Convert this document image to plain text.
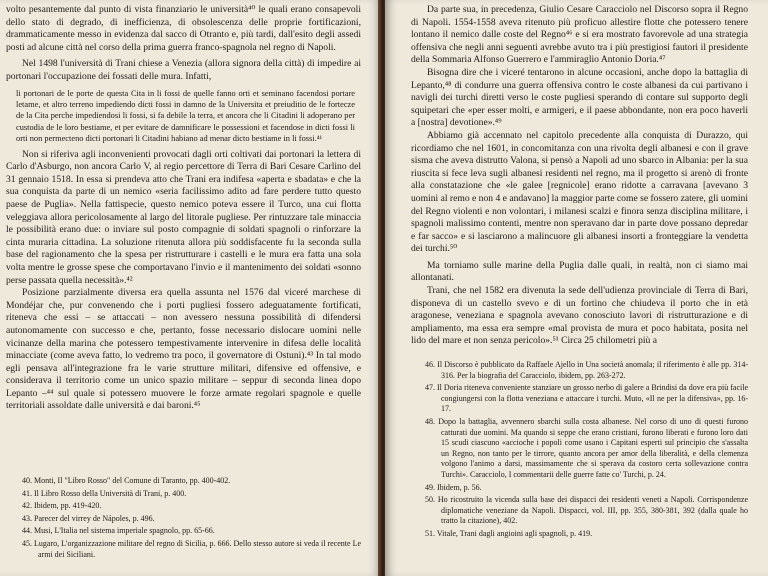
volto pesantemente dal punto di vista finanziario le università⁴⁰ le quali erano consapevoli dello stato di degrado, di inefficienza, di obsolescenza delle proprie fortificazioni, drammaticamente messo in evidenza dal sacco di Otranto e, più tardi, dall'esito degli assedi posti ad alcune città nel corso della prima guerra franco-spagnola nel regno di Napoli.

Nel 1498 l'università di Trani chiese a Venezia (allora signora della città) di impedire ai portonari l'occupazione dei fossati delle mura. Infatti,

li portonari de le porte de questa Cita in li fossi de quelle fanno orti et seminano facendosi portare letame, et altro terreno impediendo dicti fossi in damno de la Universita et preiuditio de le fortecze de la Cita perche impediendosi li fossi, si fa debile la terra, et ancora che li Citadini li adoperano per custodia de le loro bestiame, et per evitare de damnificare le possessioni et facendose in dicti fossi li orti non permecteno dicti portonari li Citadini habiano ad menar dicto bestiame in li fossi.⁴¹

Non si riferiva agli inconvenienti provocati dagli orti coltivati dai portonari la lettera di Carlo d'Asburgo, non ancora Carlo V, al regio percettore di Terra di Bari Cesare Carlino del 31 gennaio 1518. In essa si prendeva atto che Trani era indifesa «aperta e sbadata» e che la sua conquista da parte di un nemico «seria facilissimo adito ad fare perdere tutto questo paese de Puglia». Nella fattispecie, questo nemico poteva essere il Turco, una cui flotta veleggiava allora pericolosamente al largo del litorale pugliese. Per rintuzzare tale minaccia le possibilità erano due: o inviare sul posto compagnie di soldati spagnoli o rinforzare la cinta muraria cittadina. La soluzione ritenuta allora più soddisfacente fu la seconda sulla base del ragionamento che la spesa per ristrutturare i castelli e le mura era fatta una sola volta mentre le grosse spese che comportavano l'invio e il mantenimento dei soldati «sonno perse passata quella necessità».⁴²

Posizione parzialmente diversa era quella assunta nel 1576 dal viceré marchese di Mondéjar che, pur convenendo che i porti pugliesi fossero adeguatamente fortificati, riteneva che essi – se attaccati – non avessero nessuna possibilità di difendersi autonomamente con successo e che, pertanto, fosse necessario dislocare uomini nelle vicinanze della marina che potessero tempestivamente intervenire in difesa delle località minacciate (come aveva fatto, lo vedremo tra poco, il governatore di Ostuni).⁴³ In tal modo egli pensava all'integrazione fra le varie strutture militari, difensive ed offensive, e considerava il territorio come un unico spazio militare – seppur di seconda linea dopo Lepanto –⁴⁴ sul quale si potessero muovere le forze armate regolari spagnole e quelle territoriali assoldate dalle università e dai baroni.⁴⁵

40. Monti, Il "Libro Rosso" del Comune di Taranto, pp. 400-402.

41. Il Libro Rosso della Università di Trani, p. 400.

42. Ibidem, pp. 419-420.

43. Parecer del virrey de Nápoles, p. 496.

44. Musi, L'Italia nel sistema imperiale spagnolo, pp. 65-66.

45. Lugaro, L'organizzazione militare del regno di Sicilia, p. 666. Dello stesso autore si veda il recente Le armi dei Siciliani.

Da parte sua, in precedenza, Giulio Cesare Caracciolo nel Discorso sopra il Regno di Napoli. 1554-1558 aveva ritenuto più proficuo allestire flotte che potessero tenere lontano il nemico dalle coste del Regno⁴⁶ e si era mostrato favorevole ad una strategia offensiva che negli anni seguenti avrebbe avuto tra i più prestigiosi fautori il presidente della Sommaria Alfonso Guerrero e l'ammiraglio Antonio Doria.⁴⁷

Bisogna dire che i viceré tentarono in alcune occasioni, anche dopo la battaglia di Lepanto,⁴⁸ di condurre una guerra offensiva contro le coste albanesi da cui partivano i navigli dei turchi diretti verso le coste pugliesi sperando di contare sul supporto degli squipetari che «per esser molti, e armigeri, e il paese abbondante, non era poco haverli a [nostra] devotione».⁴⁹

Abbiamo già accennato nel capitolo precedente alla conquista di Durazzo, qui ricordiamo che nel 1601, in concomitanza con una rivolta degli albanesi e con il grave sisma che aveva distrutto Valona, si pensò a Napoli ad uno sbarco in Albania: per la sua riuscita si fece leva sugli albanesi residenti nel regno, ma il progetto si arenò di fronte alla constatazione che «le galee [regnicole] erano ridotte a carravana [avevano 3 uomini al remo e non 4 e andavano] la maggior parte come se fossero zatere, gli uomini del Regno violenti e non volontari, i milanesi scalzi e finora senza disciplina militare, i spagnoli malissimo contenti, mentre non speravano dar in parte dove possano depredar e far sacco» e si lasciarono a malincuore gli albanesi insorti a fronteggiare la vendetta dei turchi.⁵⁰

Ma torniamo sulle marine della Puglia dalle quali, in realtà, non ci siamo mai allontanati.

Trani, che nel 1582 era divenuta la sede dell'udienza provinciale di Terra di Bari, disponeva di un castello svevo e di un fortino che chiudeva il porto che in età aragonese, veneziana e spagnola avevano conosciuto lavori di ristrutturazione e di ampliamento, ma essa era sempre «mal provista de mura et poco habitata, posita nel lido del mare et non senza pericolo».⁵¹ Circa 25 chilometri più a

46. Il Discorso è pubblicato da Raffaele Ajello in Una società anomala; il riferimento è alle pp. 314-316. Per la biografia del Caracciolo, ibidem, pp. 263-272.

47. Il Doria riteneva conveniente stanziare un grosso nerbo di galere a Brindisi da dove era più facile congiungersi con la flotta veneziana e attaccare i turchi. Muto, «Il ne per la difensiva», pp. 16-17.

48. Dopo la battaglia, avvennero sbarchi sulla costa albanese. Nel corso di uno di questi furono catturati due uomini. Ma quando si seppe che erano cristiani, furono liberati e furono loro dati 15 scudi ciascuno «accioche i popoli come usano i Capitani esperti sul principio che s'assalta un Regno, non tanto per le tirrore, quanto ancora per amor della liberalità, e della clemenza volgono l'animo a darsi, massimamente che si sperava da costoro certa sollevazione contra Turchi». Caracciolo, I commentarii delle guerre fatte co' Turchi, p. 24.

49. Ibidem, p. 56.

50. Ho ricostruito la vicenda sulla base dei dispacci dei residenti veneti a Napoli. Corrispondenze diplomatiche veneziane da Napoli. Dispacci, vol. III, pp. 355, 380-381, 392 (dalla quale ho tratto la citazione), 402.

51. Vitale, Trani dagli angioini agli spagnoli, p. 419.
